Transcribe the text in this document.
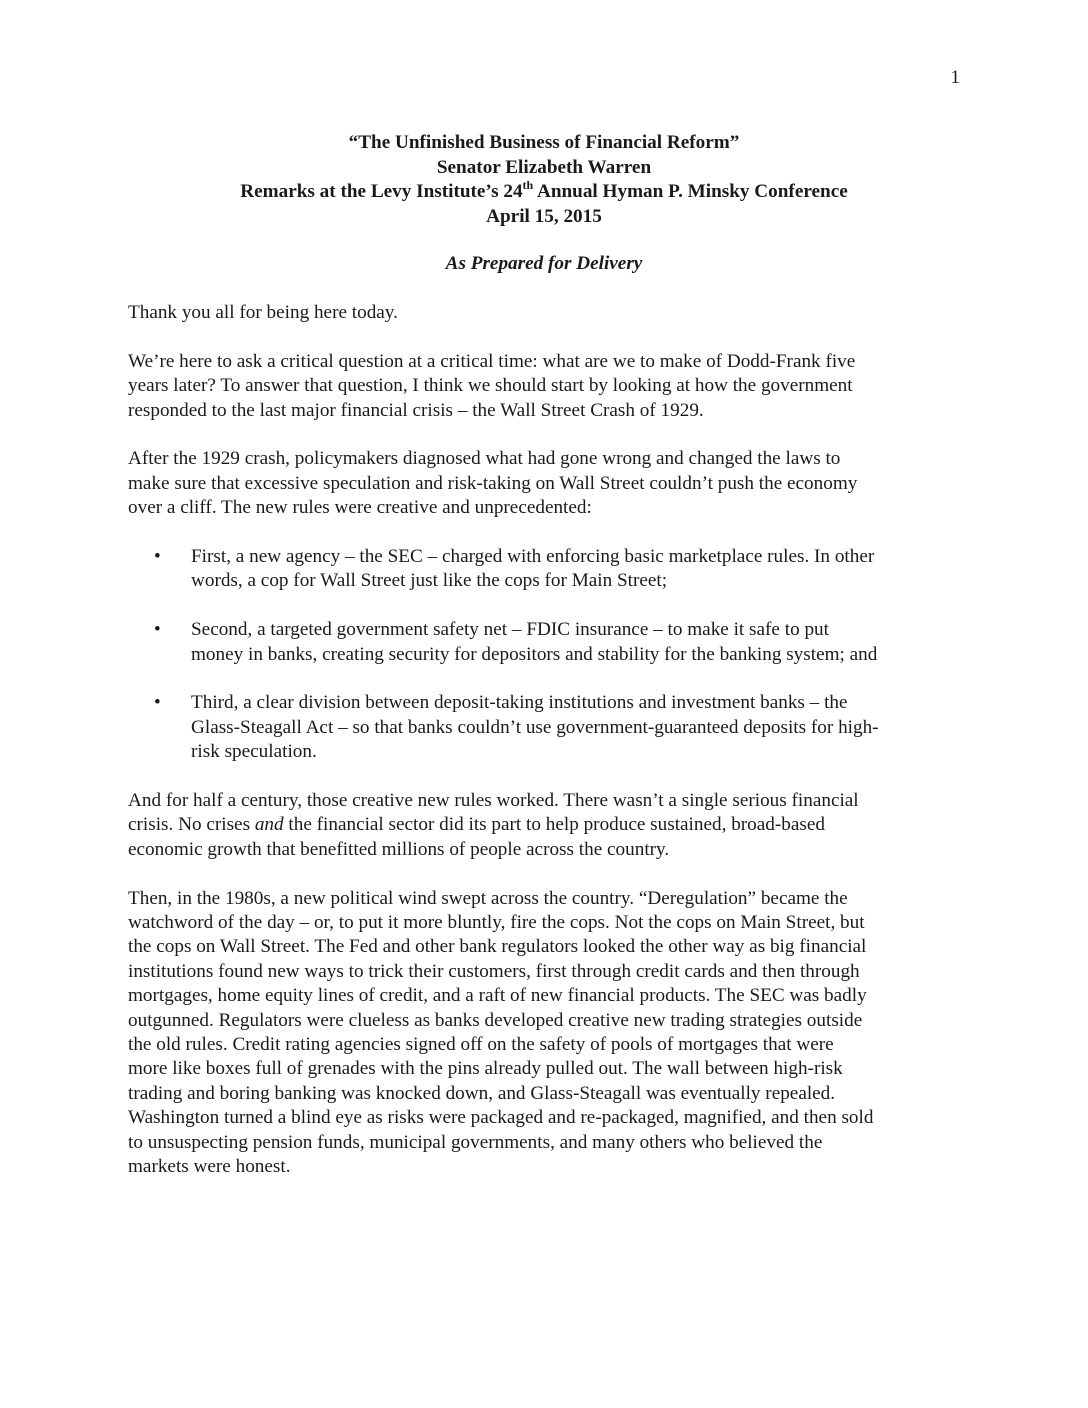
1
“The Unfinished Business of Financial Reform”
Senator Elizabeth Warren
Remarks at the Levy Institute’s 24th Annual Hyman P. Minsky Conference
April 15, 2015
As Prepared for Delivery

Thank you all for being here today.

We’re here to ask a critical question at a critical time: what are we to make of Dodd-Frank five
years later? To answer that question, I think we should start by looking at how the government
responded to the last major financial crisis – the Wall Street Crash of 1929.

After the 1929 crash, policymakers diagnosed what had gone wrong and changed the laws to
make sure that excessive speculation and risk-taking on Wall Street couldn’t push the economy
over a cliff. The new rules were creative and unprecedented:

• First, a new agency – the SEC – charged with enforcing basic marketplace rules. In other
words, a cop for Wall Street just like the cops for Main Street;
• Second, a targeted government safety net – FDIC insurance – to make it safe to put
money in banks, creating security for depositors and stability for the banking system; and
• Third, a clear division between deposit-taking institutions and investment banks – the
Glass-Steagall Act – so that banks couldn’t use government-guaranteed deposits for high-
risk speculation.

And for half a century, those creative new rules worked. There wasn’t a single serious financial
crisis. No crises and the financial sector did its part to help produce sustained, broad-based
economic growth that benefitted millions of people across the country.

Then, in the 1980s, a new political wind swept across the country. “Deregulation” became the
watchword of the day – or, to put it more bluntly, fire the cops. Not the cops on Main Street, but
the cops on Wall Street. The Fed and other bank regulators looked the other way as big financial
institutions found new ways to trick their customers, first through credit cards and then through
mortgages, home equity lines of credit, and a raft of new financial products. The SEC was badly
outgunned. Regulators were clueless as banks developed creative new trading strategies outside
the old rules. Credit rating agencies signed off on the safety of pools of mortgages that were
more like boxes full of grenades with the pins already pulled out. The wall between high-risk
trading and boring banking was knocked down, and Glass-Steagall was eventually repealed.
Washington turned a blind eye as risks were packaged and re-packaged, magnified, and then sold
to unsuspecting pension funds, municipal governments, and many others who believed the
markets were honest.
